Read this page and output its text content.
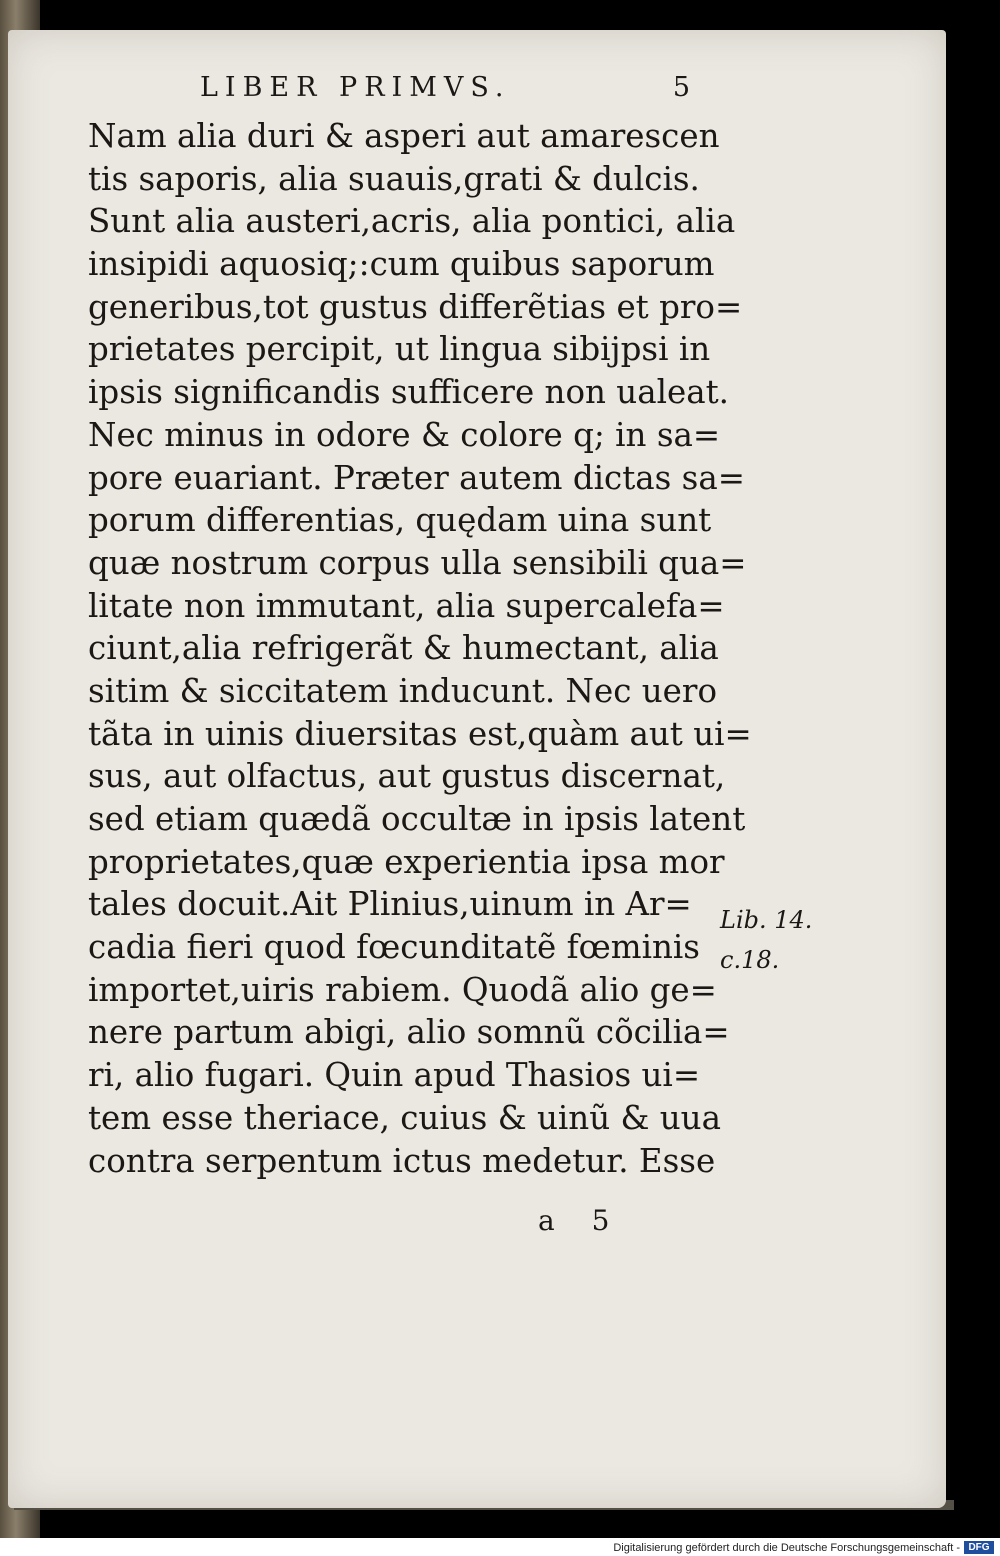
LIBER PRIMVS.	5
Nam alia duri & asperi aut amarescen
tis saporis, alia suauis,grati & dulcis.
Sunt alia austeri,acris, alia pontici, alia
insipidi aquosiq;:cum quibus saporum
generibus,tot gustus differẽtias et pro=
prietates percipit, ut lingua sibijpsi in
ipsis significandis sufficere non ualeat.
Nec minus in odore & colore q; in sa=
pore euariant. Præter autem dictas sa=
porum differentias, quędam uina sunt
quæ nostrum corpus ulla sensibili qua=
litate non immutant, alia supercalefa=
ciunt,alia refrigerãt & humectant, alia
sitim & siccitatem inducunt. Nec uero
tãta in uinis diuersitas est,quàm aut ui=
sus, aut olfactus, aut gustus discernat,
sed etiam quædã occultæ in ipsis latent
proprietates,quæ experientia ipsa mor
tales docuit.Ait Plinius,uinum in Ar=
cadia fieri quod fœcunditatẽ fœminis
importet,uiris rabiem. Quodã alio ge=
nere partum abigi, alio somnũ cõcilia=
ri, alio fugari. Quin apud Thasios ui=
tem esse theriace, cuius & uinũ & uua
contra serpentum ictus medetur. Esse
Lib. 14.
c.18.
a 5
Digitalisierung gefördert durch die Deutsche Forschungsgemeinschaft - DFG
